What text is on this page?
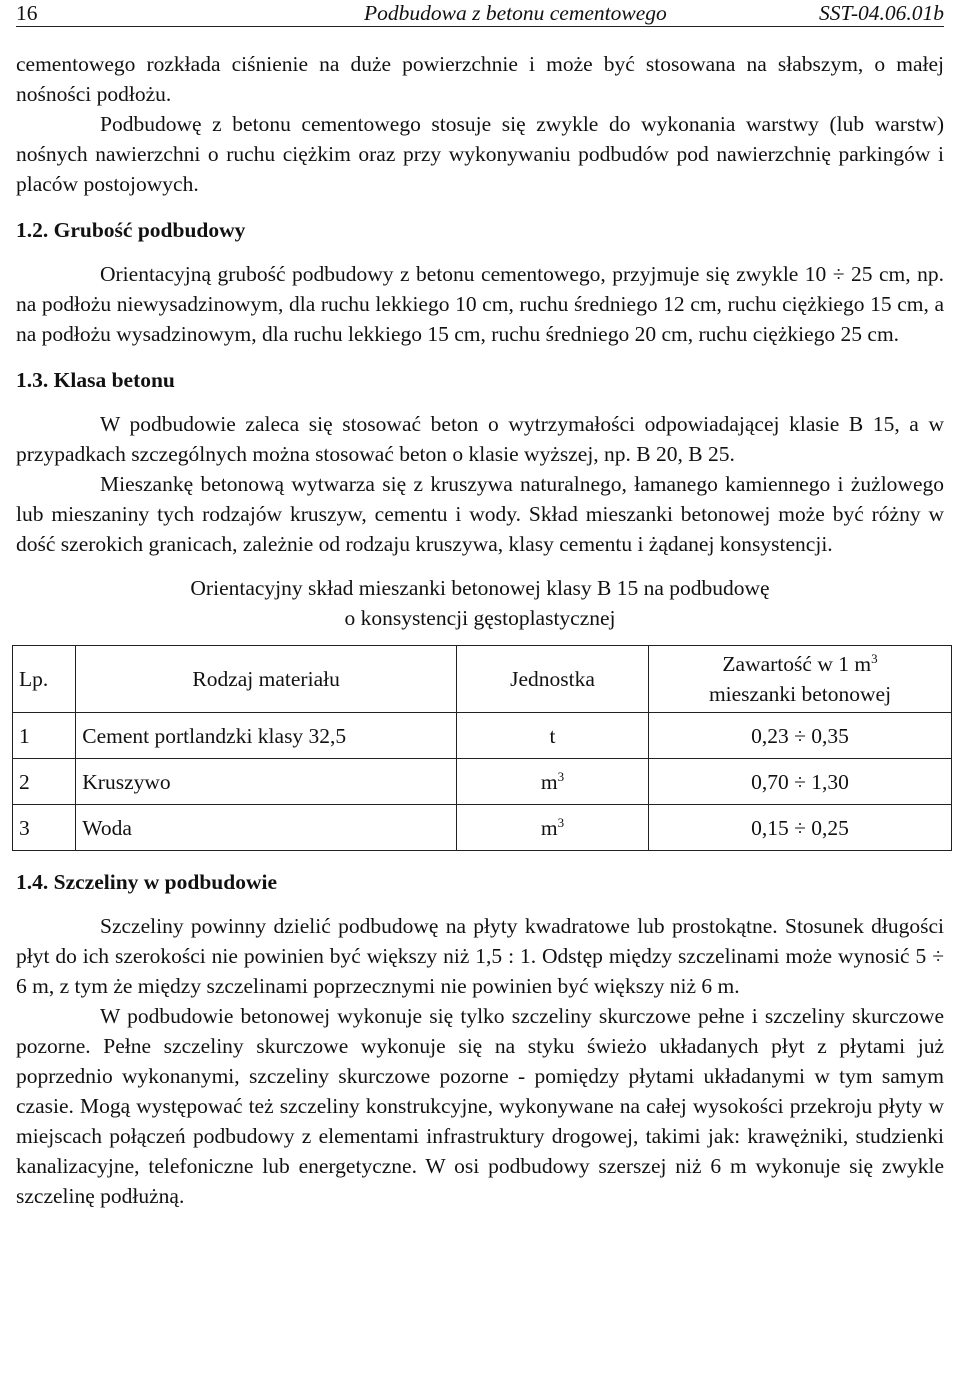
16	Podbudowa z betonu cementowego	SST-04.06.01b

cementowego rozkłada ciśnienie na duże powierzchnie i może być stosowana na słabszym, o małej nośności podłożu.

Podbudowę z betonu cementowego stosuje się zwykle do wykonania warstwy (lub warstw) nośnych nawierzchni o ruchu ciężkim oraz przy wykonywaniu podbudów pod nawierzchnię parkingów i placów postojowych.

1.2. Grubość podbudowy

Orientacyjną grubość podbudowy z betonu cementowego, przyjmuje się zwykle 10 ÷ 25 cm, np. na podłożu niewysadzinowym, dla ruchu lekkiego 10 cm, ruchu średniego 12 cm, ruchu ciężkiego 15 cm, a na podłożu wysadzinowym, dla ruchu lekkiego 15 cm, ruchu średniego 20 cm, ruchu ciężkiego 25 cm.

1.3. Klasa betonu

W podbudowie zaleca się stosować beton o wytrzymałości odpowiadającej klasie B 15, a w przypadkach szczególnych można stosować beton o klasie wyższej, np. B 20, B 25.

Mieszankę betonową wytwarza się z kruszywa naturalnego, łamanego kamiennego i żużlowego lub mieszaniny tych rodzajów kruszyw, cementu i wody. Skład mieszanki betonowej może być różny w dość szerokich granicach, zależnie od rodzaju kruszywa, klasy cementu i żądanej konsystencji.

Orientacyjny skład mieszanki betonowej klasy B 15 na podbudowę
o konsystencji gęstoplastycznej
Lp.	Rodzaj materiału	Jednostka	Zawartość w 1 $m^3$
mieszanki betonowej
1	Cement portlandzki klasy 32,5	t	0,23 ÷ 0,35
2	Kruszywo	$m^3$	0,70 ÷ 1,30
3	Woda	$m^3$	0,15 ÷ 0,25

1.4. Szczeliny w podbudowie

Szczeliny powinny dzielić podbudowę na płyty kwadratowe lub prostokątne. Stosunek długości płyt do ich szerokości nie powinien być większy niż 1,5 : 1. Odstęp między szczelinami może wynosić 5 ÷ 6 m, z tym że między szczelinami poprzecznymi nie powinien być większy niż 6 m.

W podbudowie betonowej wykonuje się tylko szczeliny skurczowe pełne i szczeliny skurczowe pozorne. Pełne szczeliny skurczowe wykonuje się na styku świeżo układanych płyt z płytami już poprzednio wykonanymi, szczeliny skurczowe pozorne - pomiędzy płytami układanymi w tym samym czasie. Mogą występować też szczeliny konstrukcyjne, wykonywane na całej wysokości przekroju płyty w miejscach połączeń podbudowy z elementami infrastruktury drogowej, takimi jak: krawężniki, studzienki kanalizacyjne, telefoniczne lub energetyczne. W osi podbudowy szerszej niż 6 m wykonuje się zwykle szczelinę podłużną.
